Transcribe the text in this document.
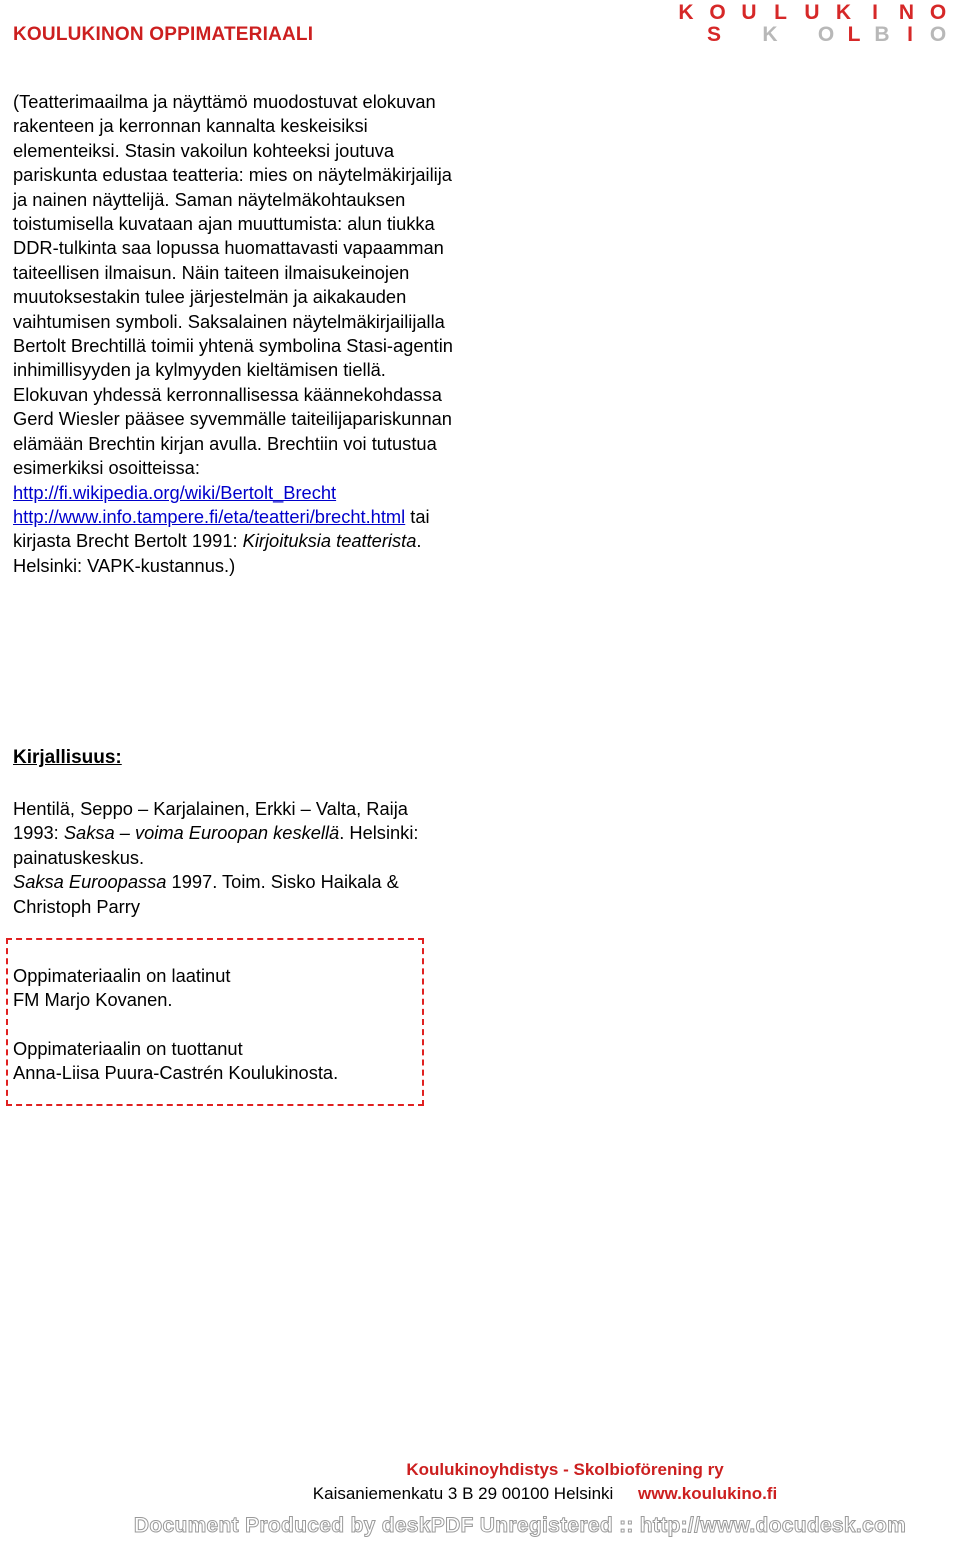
KOULUKINON OPPIMATERIAALI
K O U L U K	I N O
S	K	O L B I O

(Teatterimaailma ja näyttämö muodostuvat elokuvan rakenteen ja kerronnan kannalta keskeisiksi elementeiksi. Stasin vakoilun kohteeksi joutuva pariskunta edustaa teatteria: mies on näytelmäkirjailija ja nainen näyttelijä. Saman näytelmäkohtauksen toistumisella kuvataan ajan muuttumista: alun tiukka DDR-tulkinta saa lopussa huomattavasti vapaamman taiteellisen ilmaisun. Näin taiteen ilmaisukeinojen muutoksestakin tulee järjestelmän ja aikakauden vaihtumisen symboli. Saksalainen näytelmäkirjailijalla Bertolt Brechtillä toimii yhtenä symbolina Stasi-agentin inhimillisyyden ja kylmyyden kieltämisen tiellä. Elokuvan yhdessä kerronnallisessa käännekohdassa Gerd Wiesler pääsee syvemmälle taiteilijapariskunnan elämään Brechtin kirjan avulla. Brechtiin voi tutustua esimerkiksi osoitteissa:
http://fi.wikipedia.org/wiki/Bertolt_Brecht
http://www.info.tampere.fi/eta/teatteri/brecht.html tai kirjasta Brecht Bertolt 1991: Kirjoituksia teatterista. Helsinki: VAPK-kustannus.)

Kirjallisuus:

Hentilä, Seppo – Karjalainen, Erkki – Valta, Raija 1993: Saksa – voima Euroopan keskellä. Helsinki: painatuskeskus.

Saksa Euroopassa 1997. Toim. Sisko Haikala & Christoph Parry

Oppimateriaalin on laatinut
FM Marjo Kovanen.
Oppimateriaalin on tuottanut
Anna-Liisa Puura-Castrén Koulukinosta.
Koulukinoyhdistys - Skolbioförening ry
Kaisaniemenkatu 3 B 29 00100 Helsinki www.koulukino.fi
Document Produced by deskPDF Unregistered :: http://www.docudesk.com
